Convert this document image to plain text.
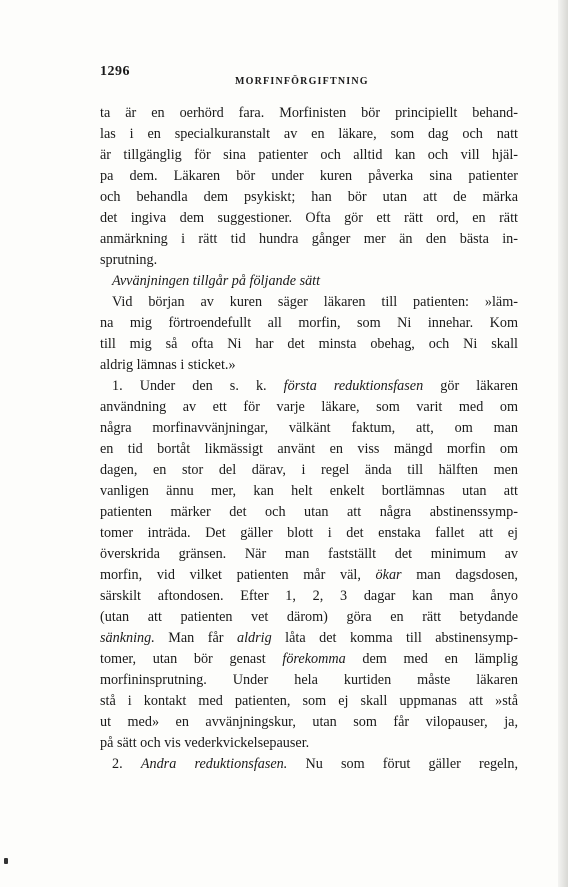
1296
MORFINFÖRGIFTNING
ta är en oerhörd fara. Morfinisten bör principiellt behand-
las i en specialkuranstalt av en läkare, som dag och natt
är tillgänglig för sina patienter och alltid kan och vill hjäl-
pa dem. Läkaren bör under kuren påverka sina patienter
och behandla dem psykiskt; han bör utan att de märka
det ingiva dem suggestioner. Ofta gör ett rätt ord, en rätt
anmärkning i rätt tid hundra gånger mer än den bästa in-
sprutning.
Avvänjningen tillgår på följande sätt
Vid början av kuren säger läkaren till patienten: »läm-
na mig förtroendefullt all morfin, som Ni innehar. Kom
till mig så ofta Ni har det minsta obehag, och Ni skall
aldrig lämnas i sticket.»
1. Under den s. k. första reduktionsfasen gör läkaren
användning av ett för varje läkare, som varit med om
några morfinavvänjningar, välkänt faktum, att, om man
en tid bortåt likmässigt använt en viss mängd morfin om
dagen, en stor del därav, i regel ända till hälften men
vanligen ännu mer, kan helt enkelt bortlämnas utan att
patienten märker det och utan att några abstinenssymp-
tomer inträda. Det gäller blott i det enstaka fallet att ej
överskrida gränsen. När man fastställt det minimum av
morfin, vid vilket patienten mår väl, ökar man dagsdosen,
särskilt aftondosen. Efter 1, 2, 3 dagar kan man ånyo
(utan att patienten vet därom) göra en rätt betydande
sänkning. Man får aldrig låta det komma till abstinensymp-
tomer, utan bör genast förekomma dem med en lämplig
morfininsprutning. Under hela kurtiden måste läkaren
stå i kontakt med patienten, som ej skall uppmanas att »stå
ut med» en avvänjningskur, utan som får vilopauser, ja,
på sätt och vis vederkvickelsepauser.
2. Andra reduktionsfasen. Nu som förut gäller regeln,
